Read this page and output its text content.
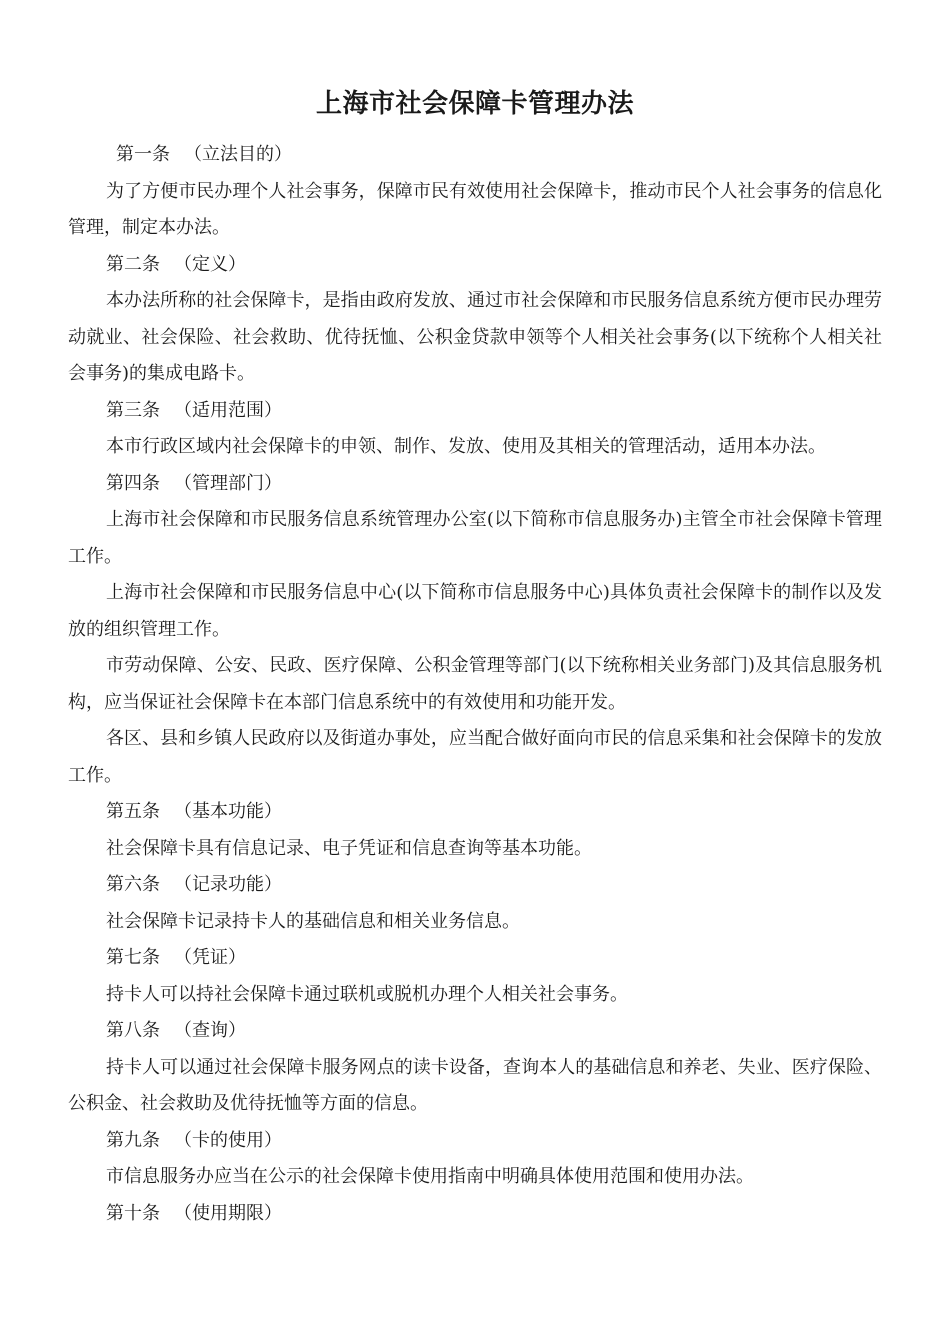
上海市社会保障卡管理办法

第一条 （立法目的）

为了方便市民办理个人社会事务，保障市民有效使用社会保障卡，推动市民个人社会事务的信息化管理，制定本办法。

第二条 （定义）

本办法所称的社会保障卡，是指由政府发放、通过市社会保障和市民服务信息系统方便市民办理劳动就业、社会保险、社会救助、优待抚恤、公积金贷款申领等个人相关社会事务(以下统称个人相关社会事务)的集成电路卡。

第三条 （适用范围）

本市行政区域内社会保障卡的申领、制作、发放、使用及其相关的管理活动，适用本办法。

第四条 （管理部门）

上海市社会保障和市民服务信息系统管理办公室(以下简称市信息服务办)主管全市社会保障卡管理工作。

上海市社会保障和市民服务信息中心(以下简称市信息服务中心)具体负责社会保障卡的制作以及发放的组织管理工作。

市劳动保障、公安、民政、医疗保障、公积金管理等部门(以下统称相关业务部门)及其信息服务机构，应当保证社会保障卡在本部门信息系统中的有效使用和功能开发。

各区、县和乡镇人民政府以及街道办事处，应当配合做好面向市民的信息采集和社会保障卡的发放工作。

第五条 （基本功能）

社会保障卡具有信息记录、电子凭证和信息查询等基本功能。

第六条 （记录功能）

社会保障卡记录持卡人的基础信息和相关业务信息。

第七条 （凭证）

持卡人可以持社会保障卡通过联机或脱机办理个人相关社会事务。

第八条 （查询）

持卡人可以通过社会保障卡服务网点的读卡设备，查询本人的基础信息和养老、失业、医疗保险、公积金、社会救助及优待抚恤等方面的信息。

第九条 （卡的使用）

市信息服务办应当在公示的社会保障卡使用指南中明确具体使用范围和使用办法。

第十条 （使用期限）
